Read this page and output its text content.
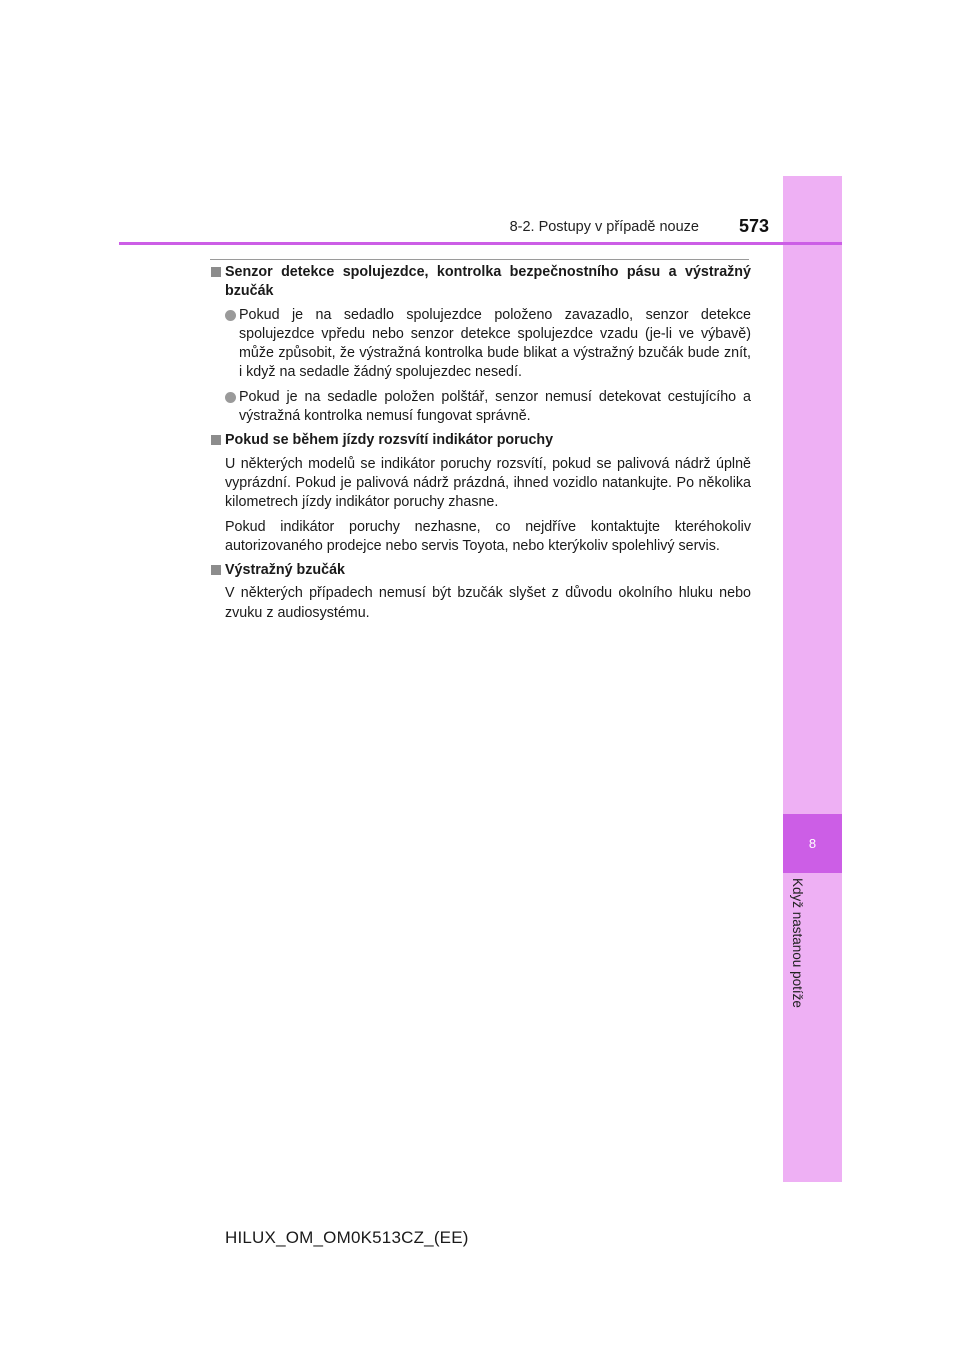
8
Když nastanou potíže
8-2. Postupy v případě nouze 573

Senzor detekce spolujezdce, kontrolka bezpečnostního pásu a výstražný bzučák

Pokud je na sedadlo spolujezdce položeno zavazadlo, senzor detekce spolujezdce vpředu nebo senzor detekce spolujezdce vzadu (je-li ve výbavě) může způsobit, že výstražná kontrolka bude blikat a výstražný bzučák bude znít, i když na sedadle žádný spolujezdec nesedí.

Pokud je na sedadle položen polštář, senzor nemusí detekovat cestujícího a výstražná kontrolka nemusí fungovat správně.

Pokud se během jízdy rozsvítí indikátor poruchy

U některých modelů se indikátor poruchy rozsvítí, pokud se palivová nádrž úplně vyprázdní. Pokud je palivová nádrž prázdná, ihned vozidlo natankujte. Po několika kilometrech jízdy indikátor poruchy zhasne.

Pokud indikátor poruchy nezhasne, co nejdříve kontaktujte kteréhokoliv autorizovaného prodejce nebo servis Toyota, nebo kterýkoliv spolehlivý servis.

Výstražný bzučák

V některých případech nemusí být bzučák slyšet z důvodu okolního hluku nebo zvuku z audiosystému.

HILUX_OM_OM0K513CZ_(EE)
